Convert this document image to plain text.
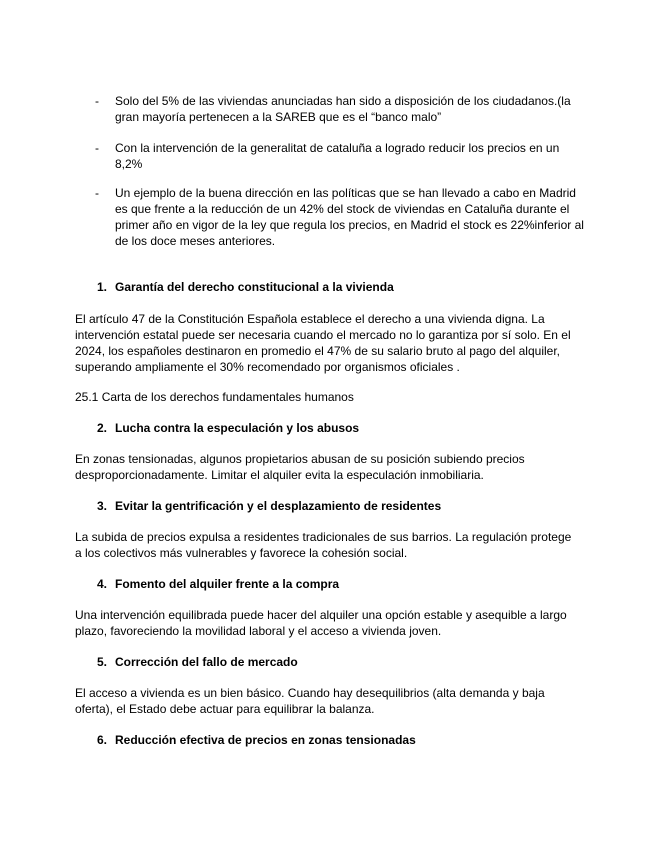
- Solo del 5% de las viviendas anunciadas han sido a disposición de los ciudadanos.(la gran mayoría pertenecen a la SAREB que es el “banco malo”
- Con la intervención de la generalitat de cataluña a logrado reducir los precios en un 8,2%
- Un ejemplo de la buena dirección en las políticas que se han llevado a cabo en Madrid es que frente a la reducción de un 42% del stock de viviendas en Cataluña durante el primer año en vigor de la ley que regula los precios, en Madrid el stock es 22%inferior al de los doce meses anteriores.
1. Garantía del derecho constitucional a la vivienda

El artículo 47 de la Constitución Española establece el derecho a una vivienda digna. La intervención estatal puede ser necesaria cuando el mercado no lo garantiza por sí solo. En el 2024, los españoles destinaron en promedio el 47% de su salario bruto al pago del alquiler, superando ampliamente el 30% recomendado por organismos oficiales .

25.1 Carta de los derechos fundamentales humanos

2. Lucha contra la especulación y los abusos

En zonas tensionadas, algunos propietarios abusan de su posición subiendo precios desproporcionadamente. Limitar el alquiler evita la especulación inmobiliaria.

3. Evitar la gentrificación y el desplazamiento de residentes

La subida de precios expulsa a residentes tradicionales de sus barrios. La regulación protege a los colectivos más vulnerables y favorece la cohesión social.

4. Fomento del alquiler frente a la compra

Una intervención equilibrada puede hacer del alquiler una opción estable y asequible a largo plazo, favoreciendo la movilidad laboral y el acceso a vivienda joven.

5. Corrección del fallo de mercado

El acceso a vivienda es un bien básico. Cuando hay desequilibrios (alta demanda y baja oferta), el Estado debe actuar para equilibrar la balanza.

6. Reducción efectiva de precios en zonas tensionadas
